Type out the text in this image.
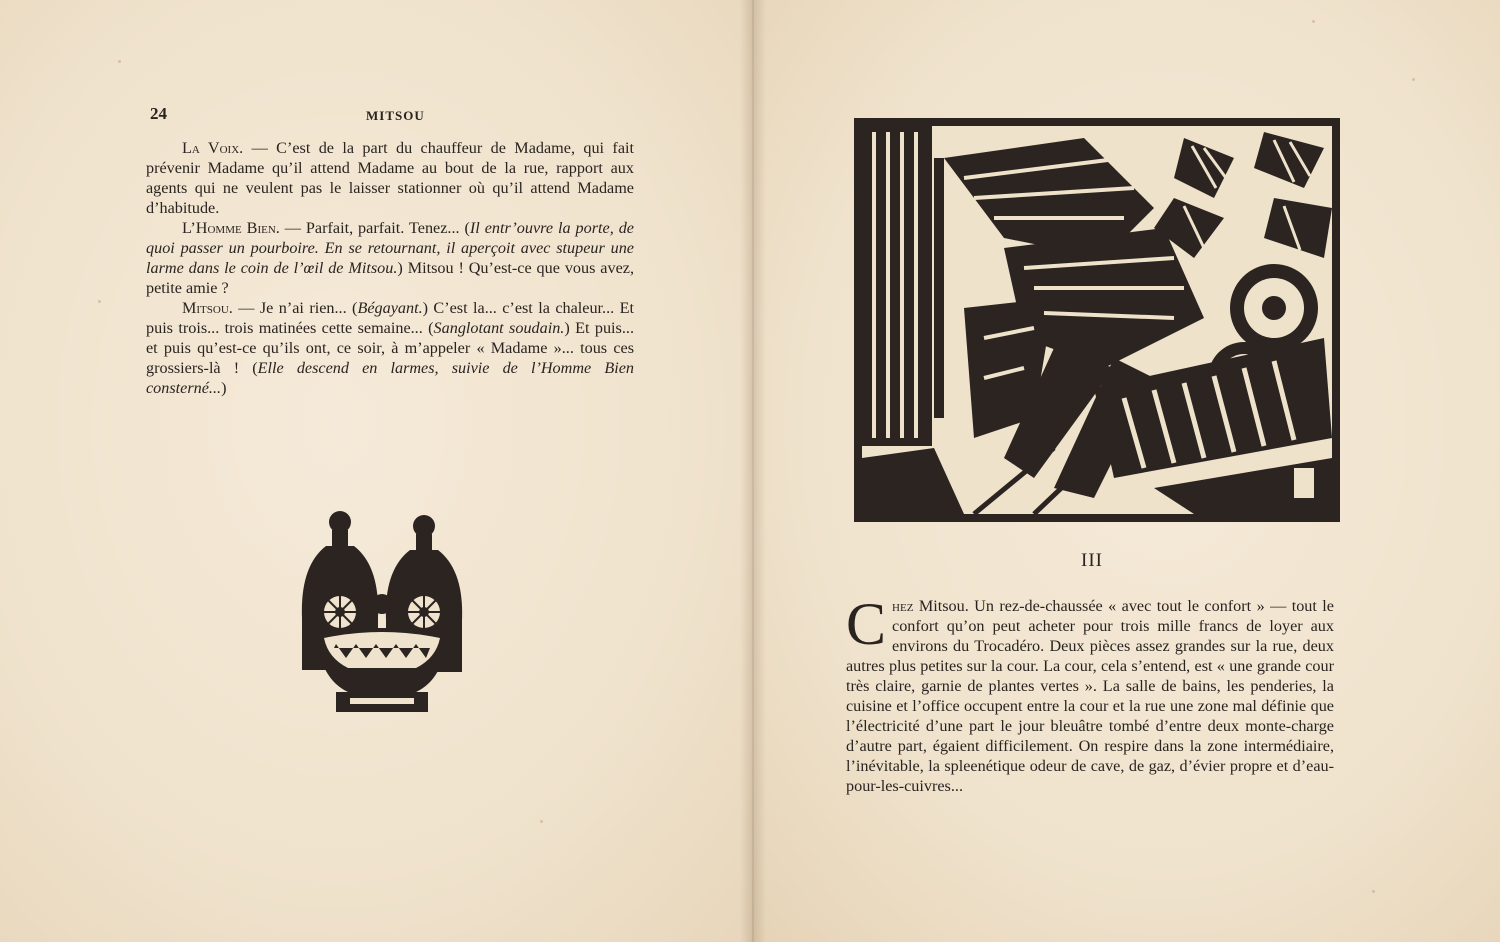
24	MITSOU

La Voix. — C’est de la part du chauffeur de Madame, qui fait prévenir Madame qu’il attend Madame au bout de la rue, rapport aux agents qui ne veulent pas le laisser stationner où qu’il attend Madame d’habitude.

L’Homme Bien. — Parfait, parfait. Tenez... (Il entr’ouvre la porte, de quoi passer un pourboire. En se retournant, il aperçoit avec stupeur une larme dans le coin de l’œil de Mitsou.) Mitsou ! Qu’est-ce que vous avez, petite amie ?

Mitsou. — Je n’ai rien... (Bégayant.) C’est la... c’est la chaleur... Et puis trois... trois matinées cette semaine... (Sanglotant soudain.) Et puis... et puis qu’est-ce qu’ils ont, ce soir, à m’appeler « Madame »... tous ces grossiers-là ! (Elle descend en larmes, suivie de l’Homme Bien consterné...)

III
Chez Mitsou. Un rez-de-chaussée « avec tout le confort » — tout le confort qu’on peut acheter pour trois mille francs de loyer aux environs du Trocadéro. Deux pièces assez grandes sur la rue, deux autres plus petites sur la cour. La cour, cela s’entend, est « une grande cour très claire, garnie de plantes vertes ». La salle de bains, les penderies, la cuisine et l’office occupent entre la cour et la rue une zone mal définie que l’électricité d’une part le jour bleuâtre tombé d’entre deux monte-charge d’autre part, égaient difficilement. On respire dans la zone intermédiaire, l’inévitable, la spleenétique odeur de cave, de gaz, d’évier propre et d’eau-pour-les-cuivres...
